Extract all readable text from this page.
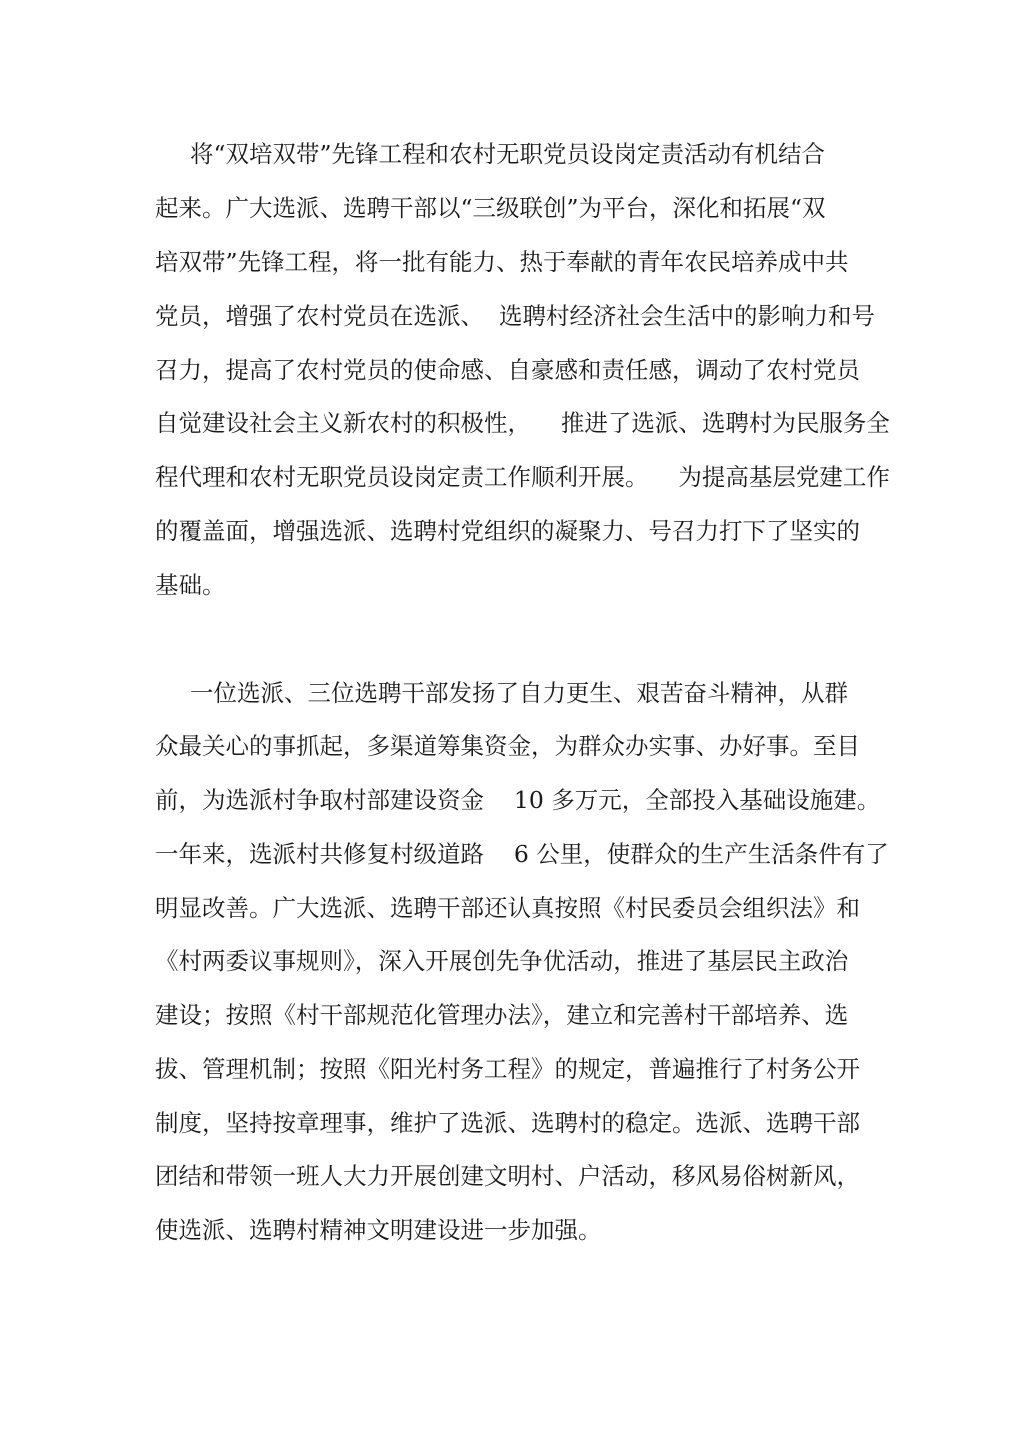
将“双培双带”先锋工程和农村无职党员设岗定责活动有机结合
起来。广大选派、选聘干部以“三级联创”为平台，深化和拓展“双
培双带”先锋工程，将一批有能力、热于奉献的青年农民培养成中共
党员，增强了农村党员在选派、  选聘村经济社会生活中的影响力和号
召力，提高了农村党员的使命感、自豪感和责任感，调动了农村党员
自觉建设社会主义新农村的积极性，    推进了选派、选聘村为民服务全
程代理和农村无职党员设岗定责工作顺利开展。    为提高基层党建工作
的覆盖面，增强选派、选聘村党组织的凝聚力、号召力打下了坚实的
基础。
一位选派、三位选聘干部发扬了自力更生、艰苦奋斗精神，从群
众最关心的事抓起，多渠道筹集资金，为群众办实事、办好事。至目
前，为选派村争取村部建设资金    10 多万元，全部投入基础设施建。
一年来，选派村共修复村级道路    6 公里，使群众的生产生活条件有了
明显改善。广大选派、选聘干部还认真按照《村民委员会组织法》和
《村两委议事规则》，深入开展创先争优活动，推进了基层民主政治
建设；按照《村干部规范化管理办法》，建立和完善村干部培养、选
拔、管理机制；按照《阳光村务工程》的规定，普遍推行了村务公开
制度，坚持按章理事，维护了选派、选聘村的稳定。选派、选聘干部
团结和带领一班人大力开展创建文明村、户活动，移风易俗树新风，
使选派、选聘村精神文明建设进一步加强。
